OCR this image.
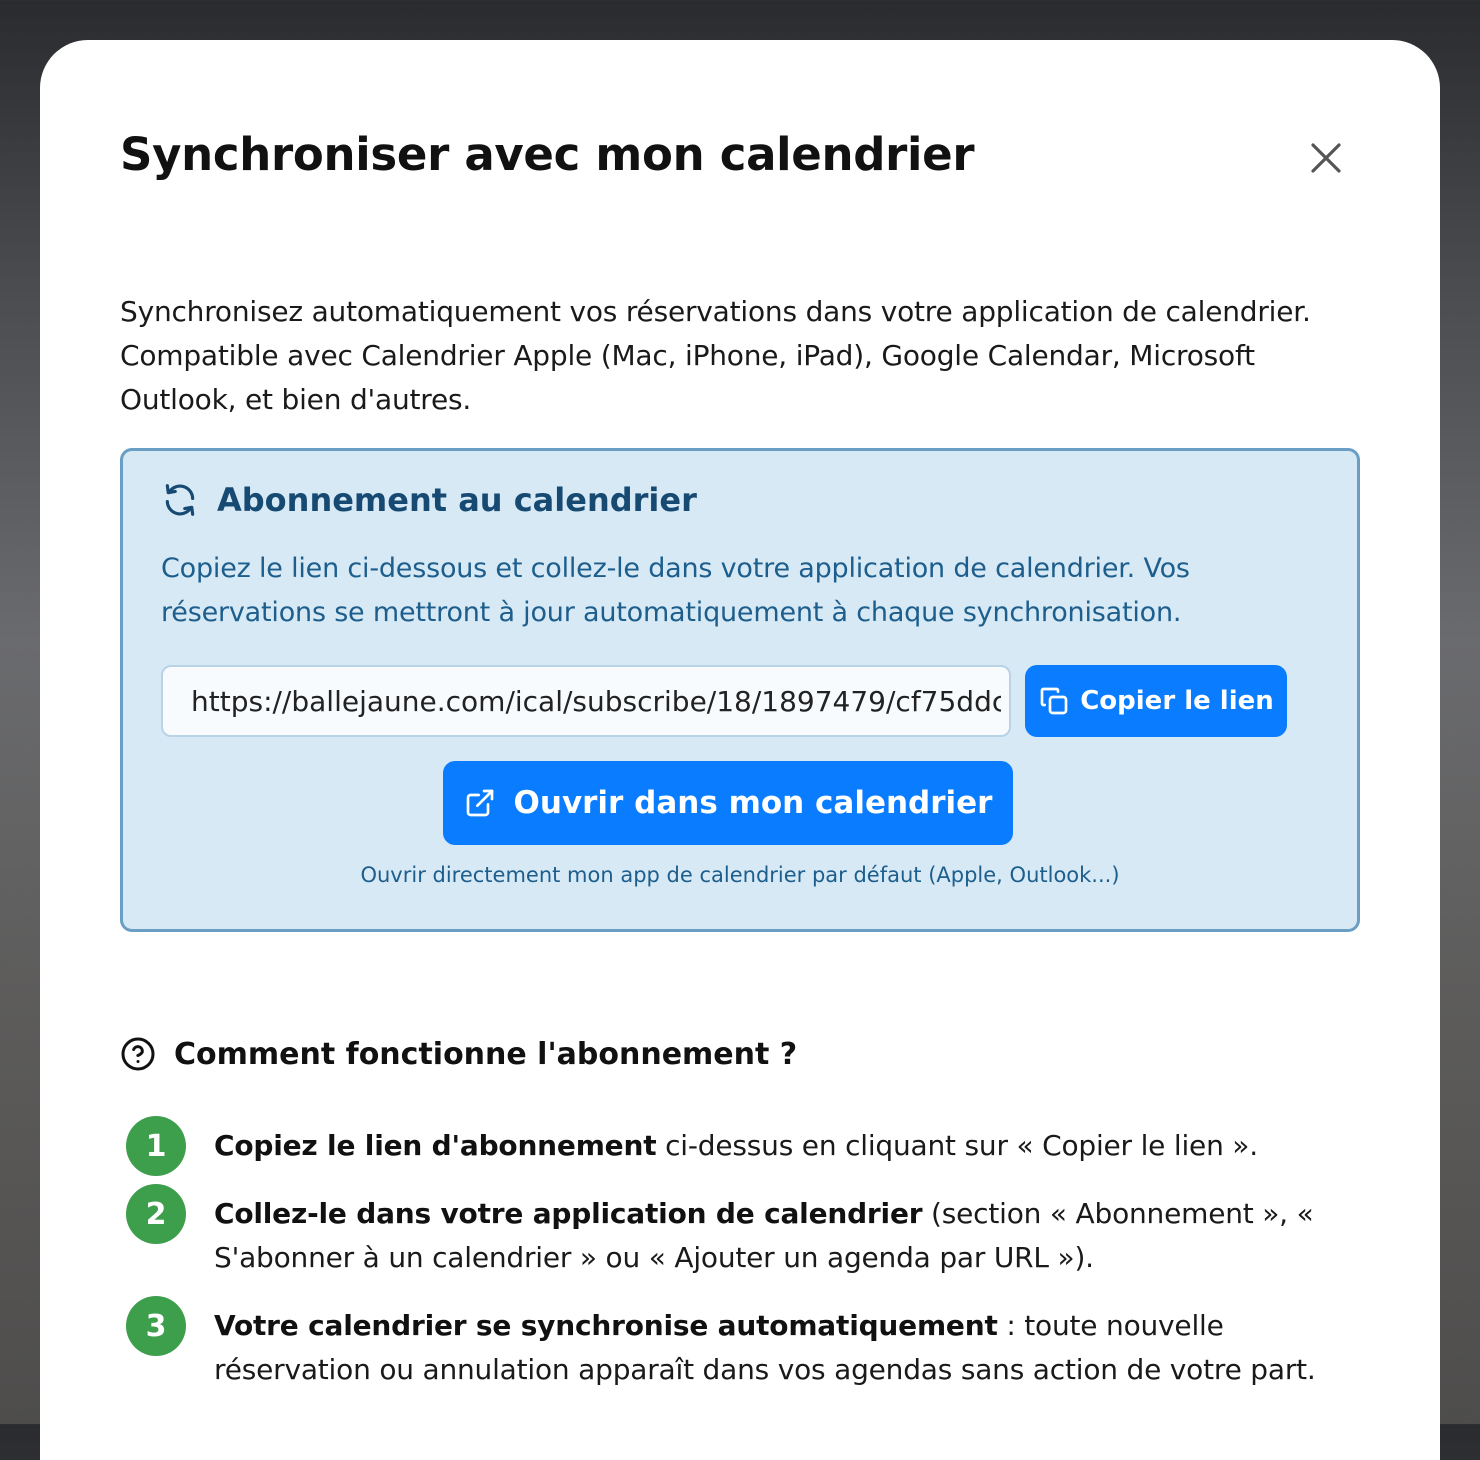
Synchroniser avec mon calendrier

Synchronisez automatiquement vos réservations dans votre application de calendrier. Compatible avec Calendrier Apple (Mac, iPhone, iPad), Google Calendar, Microsoft Outlook, et bien d'autres.

Abonnement au calendrier

Copiez le lien ci-dessous et collez-le dans votre application de calendrier. Vos réservations se mettront à jour automatiquement à chaque synchronisation.

https://ballejaune.com/ical/subscribe/18/1897479/cf75ddc9
Copier le lien
Ouvrir dans mon calendrier
Ouvrir directement mon app de calendrier par défaut (Apple, Outlook...)
Comment fonctionne l'abonnement ?
1	Copiez le lien d'abonnement ci-dessus en cliquant sur « Copier le lien ».

2	Collez-le dans votre application de calendrier (section « Abonnement », « S'abonner à un calendrier » ou « Ajouter un agenda par URL »).

3	Votre calendrier se synchronise automatiquement : toute nouvelle réservation ou annulation apparaît dans vos agendas sans action de votre part.
